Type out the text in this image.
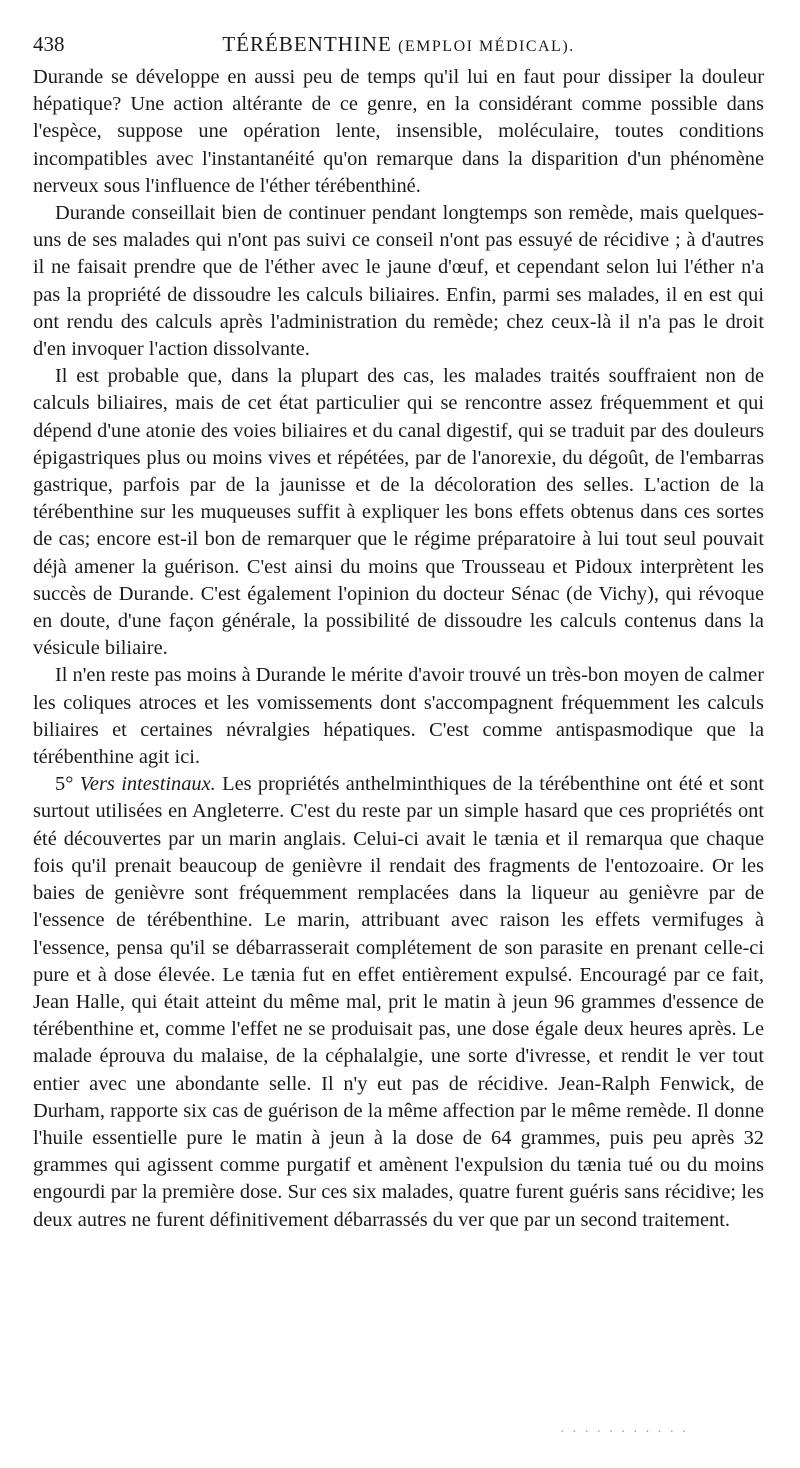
438	TÉRÉBENTHINE (EMPLOI MÉDICAL).

Durande se développe en aussi peu de temps qu'il lui en faut pour dissiper la douleur hépatique? Une action altérante de ce genre, en la considérant comme possible dans l'espèce, suppose une opération lente, insensible, moléculaire, toutes conditions incompatibles avec l'instantanéité qu'on remarque dans la disparition d'un phénomène nerveux sous l'influence de l'éther térébenthiné.

Durande conseillait bien de continuer pendant longtemps son remède, mais quelques-uns de ses malades qui n'ont pas suivi ce conseil n'ont pas essuyé de récidive ; à d'autres il ne faisait prendre que de l'éther avec le jaune d'œuf, et cependant selon lui l'éther n'a pas la propriété de dissoudre les calculs biliaires. Enfin, parmi ses malades, il en est qui ont rendu des calculs après l'administration du remède; chez ceux-là il n'a pas le droit d'en invoquer l'action dissolvante.

Il est probable que, dans la plupart des cas, les malades traités souffraient non de calculs biliaires, mais de cet état particulier qui se rencontre assez fréquemment et qui dépend d'une atonie des voies biliaires et du canal digestif, qui se traduit par des douleurs épigastriques plus ou moins vives et répétées, par de l'anorexie, du dégoût, de l'embarras gastrique, parfois par de la jaunisse et de la décoloration des selles. L'action de la térébenthine sur les muqueuses suffit à expliquer les bons effets obtenus dans ces sortes de cas; encore est-il bon de remarquer que le régime préparatoire à lui tout seul pouvait déjà amener la guérison. C'est ainsi du moins que Trousseau et Pidoux interprètent les succès de Durande. C'est également l'opinion du docteur Sénac (de Vichy), qui révoque en doute, d'une façon générale, la possibilité de dissoudre les calculs contenus dans la vésicule biliaire.

Il n'en reste pas moins à Durande le mérite d'avoir trouvé un très-bon moyen de calmer les coliques atroces et les vomissements dont s'accompagnent fréquemment les calculs biliaires et certaines névralgies hépatiques. C'est comme antispasmodique que la térébenthine agit ici.

5° Vers intestinaux. Les propriétés anthelminthiques de la térébenthine ont été et sont surtout utilisées en Angleterre. C'est du reste par un simple hasard que ces propriétés ont été découvertes par un marin anglais. Celui-ci avait le tænia et il remarqua que chaque fois qu'il prenait beaucoup de genièvre il rendait des fragments de l'entozoaire. Or les baies de genièvre sont fréquemment remplacées dans la liqueur au genièvre par de l'essence de térébenthine. Le marin, attribuant avec raison les effets vermifuges à l'essence, pensa qu'il se débarrasserait complétement de son parasite en prenant celle-ci pure et à dose élevée. Le tænia fut en effet entièrement expulsé. Encouragé par ce fait, Jean Halle, qui était atteint du même mal, prit le matin à jeun 96 grammes d'essence de térébenthine et, comme l'effet ne se produisait pas, une dose égale deux heures après. Le malade éprouva du malaise, de la céphalalgie, une sorte d'ivresse, et rendit le ver tout entier avec une abondante selle. Il n'y eut pas de récidive. Jean-Ralph Fenwick, de Durham, rapporte six cas de guérison de la même affection par le même remède. Il donne l'huile essentielle pure le matin à jeun à la dose de 64 grammes, puis peu après 32 grammes qui agissent comme purgatif et amènent l'expulsion du tænia tué ou du moins engourdi par la première dose. Sur ces six malades, quatre furent guéris sans récidive; les deux autres ne furent définitivement débarrassés du ver que par un second traitement.

· · · · · · · · · · ·
